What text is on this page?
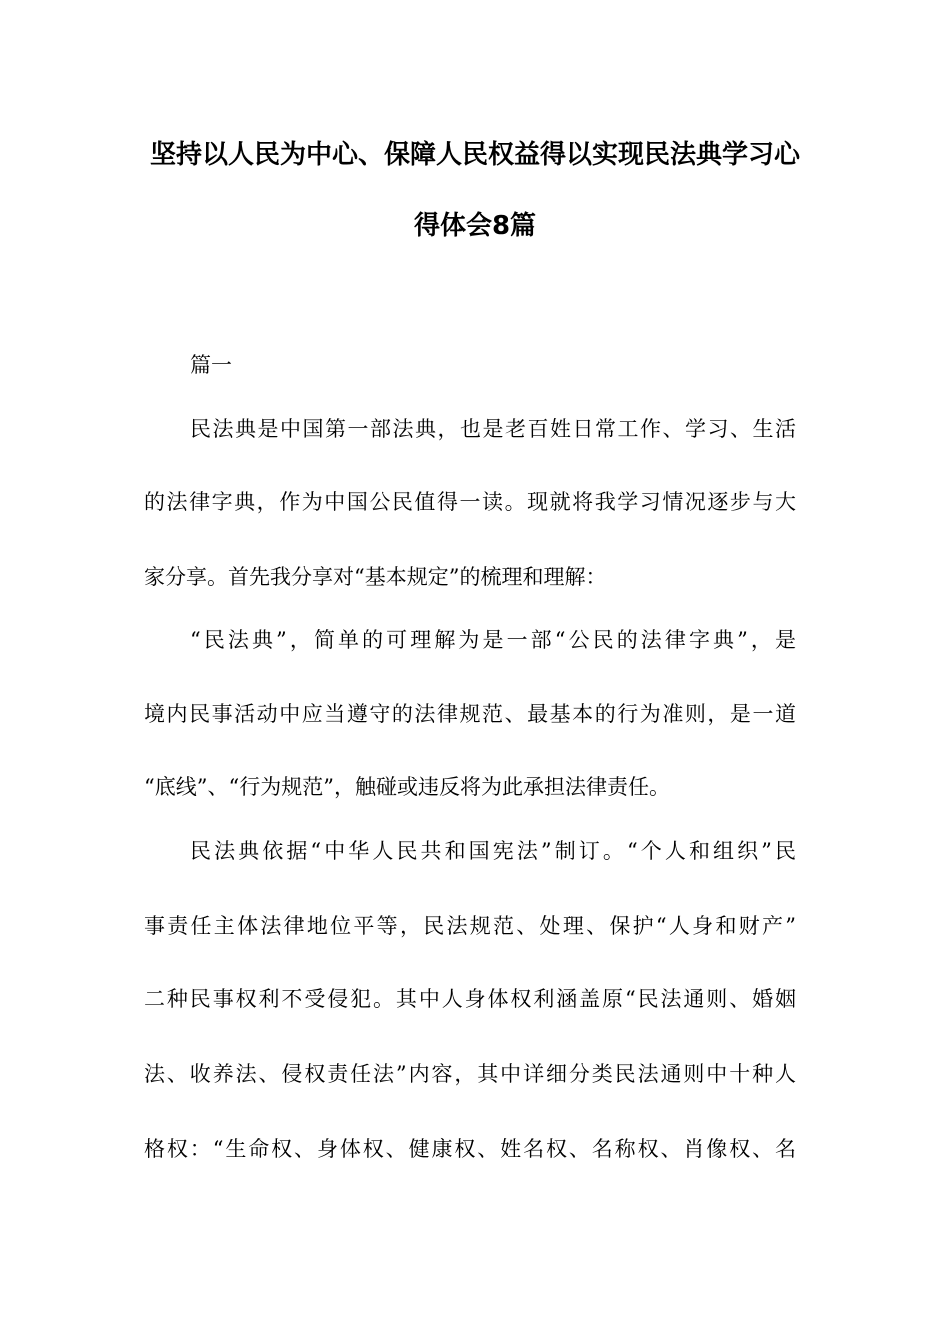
坚持以人民为中心、保障人民权益得以实现民法典学习心
得体会8篇
篇一
民法典是中国第一部法典，也是老百姓日常工作、学习、生活
的法律字典，作为中国公民值得一读。现就将我学习情况逐步与大
家分享。首先我分享对“基本规定”的梳理和理解：
“民法典”，简单的可理解为是一部“公民的法律字典”，是
境内民事活动中应当遵守的法律规范、最基本的行为准则，是一道
“底线”、“行为规范”，触碰或违反将为此承担法律责任。
民法典依据“中华人民共和国宪法”制订。“个人和组织”民
事责任主体法律地位平等，民法规范、处理、保护“人身和财产”
二种民事权利不受侵犯。其中人身体权利涵盖原“民法通则、婚姻
法、收养法、侵权责任法”内容，其中详细分类民法通则中十种人
格权：“生命权、身体权、健康权、姓名权、名称权、肖像权、名
